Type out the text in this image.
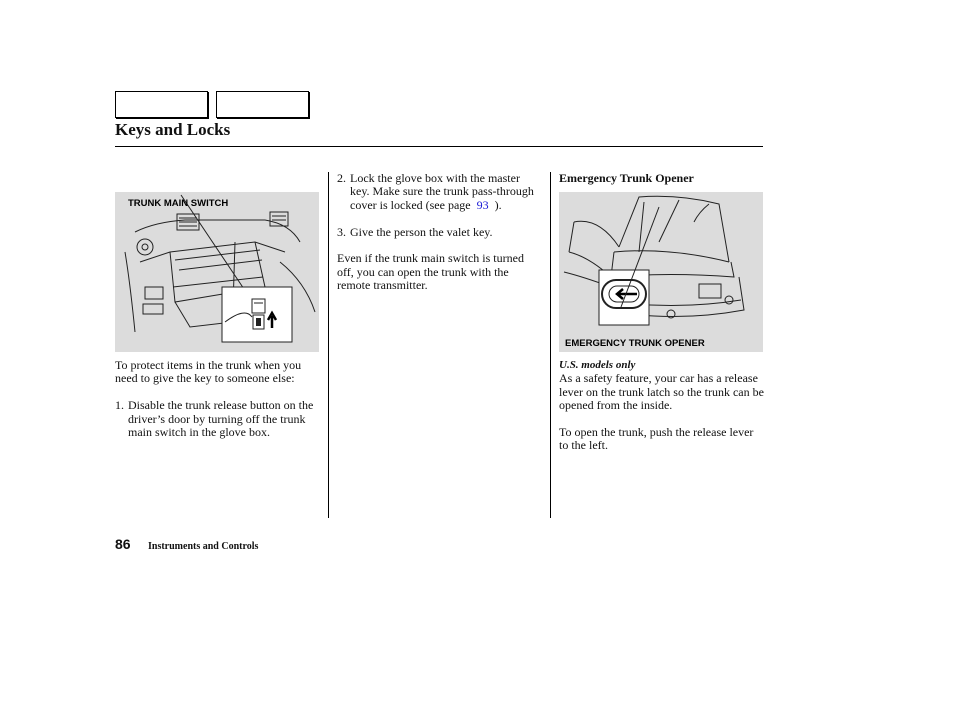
Keys and Locks
TRUNK MAIN SWITCH

To protect items in the trunk when you need to give the key to someone else:

1. Disable the trunk release button on the driver’s door by turning off the trunk main switch in the glove box.
2. Lock the glove box with the master key. Make sure the trunk pass-through cover is locked (see page 93 ).
3. Give the person the valet key.

Even if the trunk main switch is turned off, you can open the trunk with the remote transmitter.

Emergency Trunk Opener
EMERGENCY TRUNK OPENER
U.S. models only

As a safety feature, your car has a release lever on the trunk latch so the trunk can be opened from the inside.

To open the trunk, push the release lever to the left.

86 Instruments and Controls
